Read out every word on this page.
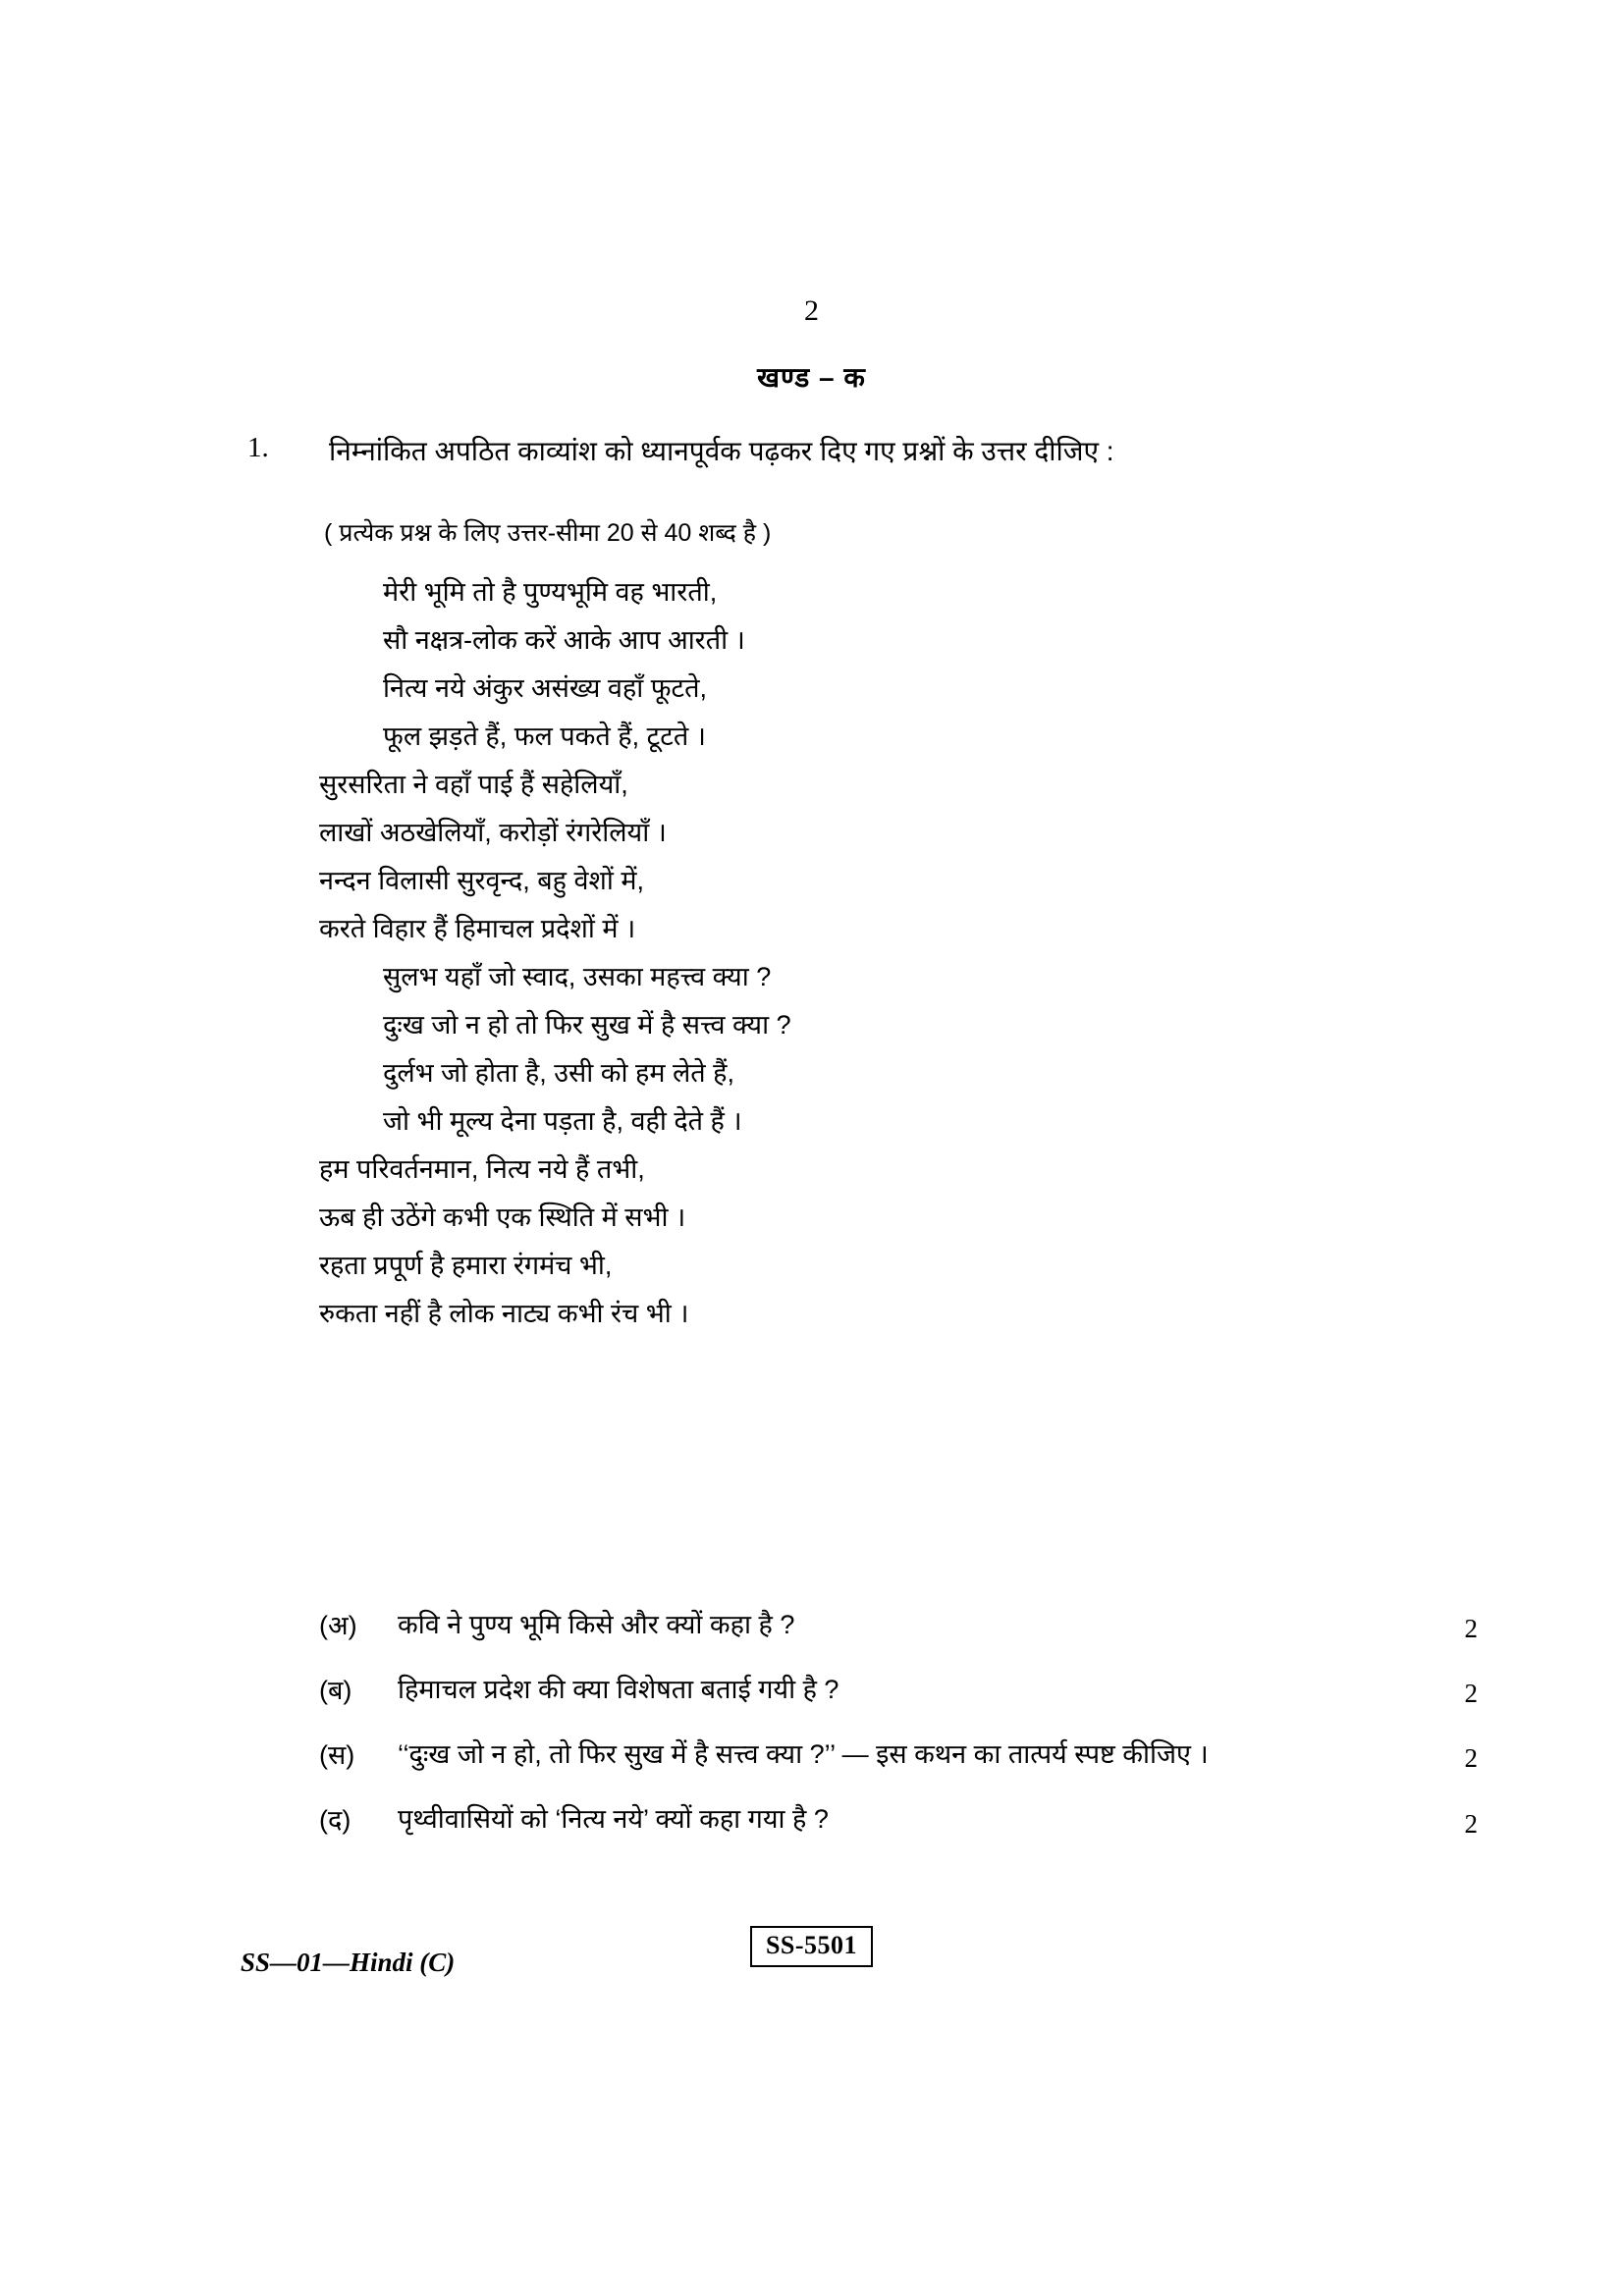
2
खण्ड – क
1. निम्नांकित अपठित काव्यांश को ध्यानपूर्वक पढ़कर दिए गए प्रश्नों के उत्तर दीजिए :
( प्रत्येक प्रश्न के लिए उत्तर-सीमा 20 से 40 शब्द है )
मेरी भूमि तो है पुण्यभूमि वह भारती,
सौ नक्षत्र-लोक करें आके आप आरती ।
नित्य नये अंकुर असंख्य वहाँ फूटते,
फूल झड़ते हैं, फल पकते हैं, टूटते ।
सुरसरिता ने वहाँ पाई हैं सहेलियाँ,
लाखों अठखेलियाँ, करोड़ों रंगरेलियाँ ।
नन्दन विलासी सुरवृन्द, बहु वेशों में,
करते विहार हैं हिमाचल प्रदेशों में ।
सुलभ यहाँ जो स्वाद, उसका महत्त्व क्या ?
दुःख जो न हो तो फिर सुख में है सत्त्व क्या ?
दुर्लभ जो होता है, उसी को हम लेते हैं,
जो भी मूल्य देना पड़ता है, वही देते हैं ।
हम परिवर्तनमान, नित्य नये हैं तभी,
ऊब ही उठेंगे कभी एक स्थिति में सभी ।
रहता प्रपूर्ण है हमारा रंगमंच भी,
रुकता नहीं है लोक नाट्य कभी रंच भी ।
(अ) कवि ने पुण्य भूमि किसे और क्यों कहा है ?	2
(ब) हिमाचल प्रदेश की क्या विशेषता बताई गयी है ?	2
(स) ‘‘दुःख जो न हो, तो फिर सुख में है सत्त्व क्या ?’’ — इस कथन का तात्पर्य स्पष्ट कीजिए ।	2
(द) पृथ्वीवासियों को ‘नित्य नये’ क्यों कहा गया है ?	2
SS—01—Hindi (C)
SS-5501
